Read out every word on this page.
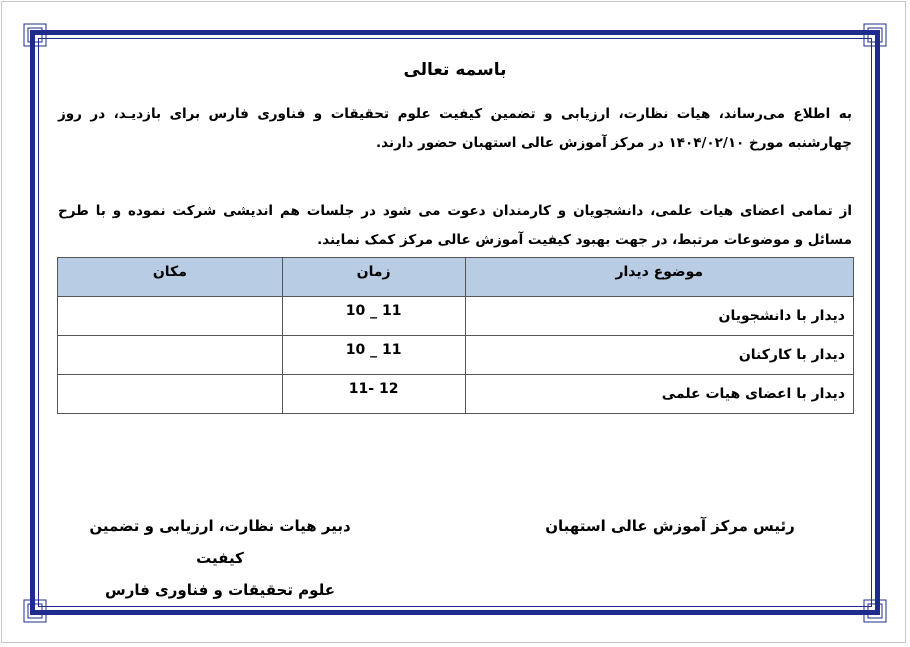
باسمه تعالی
به اطلاع می‌رساند، هیات نظارت، ارزیابی و تضمین کیفیت علوم تحقیقات و فناوری فارس برای بازدیـد، در روز چهارشنبه مورخ ۱۴۰۴/۰۲/۱۰ در مرکز آموزش عالی استهبان حضور دارند.
از تمامی اعضای هیات علمی، دانشجویان و کارمندان دعوت می شود در جلسات هم اندیشی شرکت نموده و با طرح مسائل و موضوعات مرتبط، در جهت بهبود کیفیت آموزش عالی مرکز کمک نمایند.
موضوع دیدار	زمان	مکان
دیدار با دانشجویان	11 _ 10	
دیدار با کارکنان	11 _ 10	
دیدار با اعضای هیات علمی	12 -11	
دبیر هیات نظارت، ارزیابی و تضمین کیفیت
علوم تحقیقات و فناوری فارس
رئیس مرکز آموزش عالی استهبان
